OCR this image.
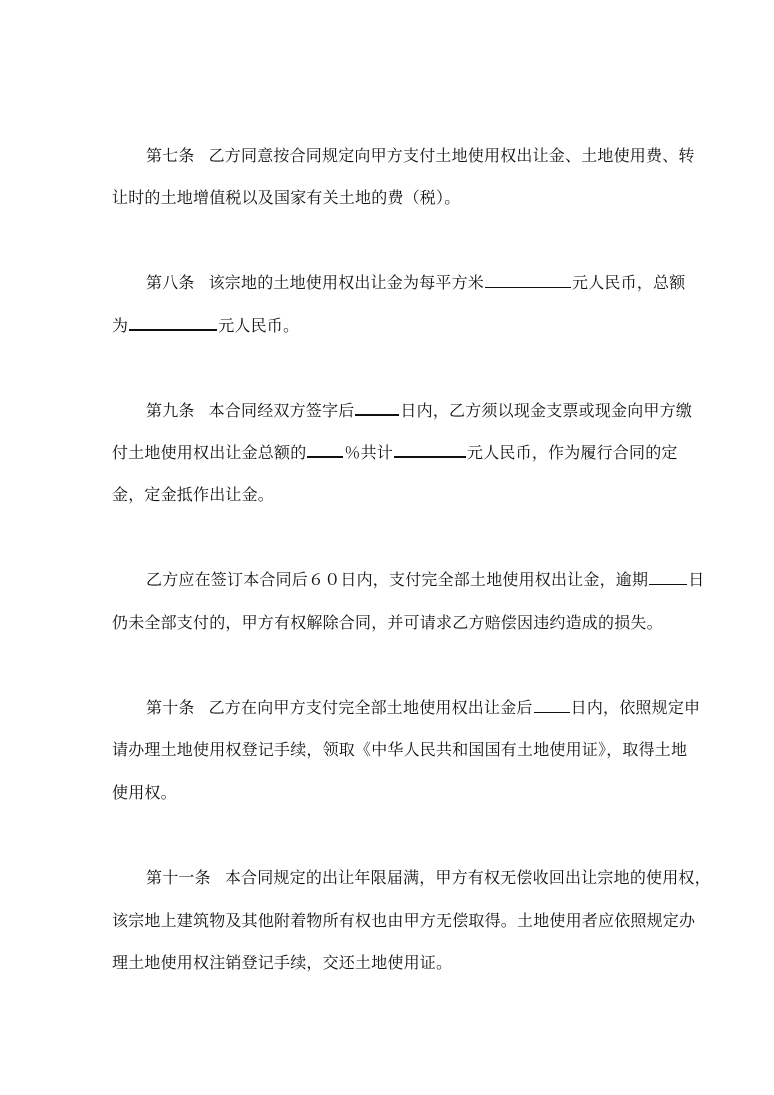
第七条 乙方同意按合同规定向甲方支付土地使用权出让金、土地使用费、转
让时的土地增值税以及国家有关土地的费（税）。
第八条 该宗地的土地使用权出让金为每平方米	元人民币，总额
为	元人民币。
第九条 本合同经双方签字后	日内，乙方须以现金支票或现金向甲方缴
付土地使用权出让金总额的 ％共计	元人民币，作为履行合同的定
金，定金抵作出让金。
乙方应在签订本合同后６０日内，支付完全部土地使用权出让金，逾期	日
仍未全部支付的，甲方有权解除合同，并可请求乙方赔偿因违约造成的损失。
第十条 乙方在向甲方支付完全部土地使用权出让金后 日内，依照规定申
请办理土地使用权登记手续，领取《中华人民共和国国有土地使用证》，取得土地
使用权。
第十一条 本合同规定的出让年限届满，甲方有权无偿收回出让宗地的使用权，
该宗地上建筑物及其他附着物所有权也由甲方无偿取得。土地使用者应依照规定办
理土地使用权注销登记手续，交还土地使用证。
